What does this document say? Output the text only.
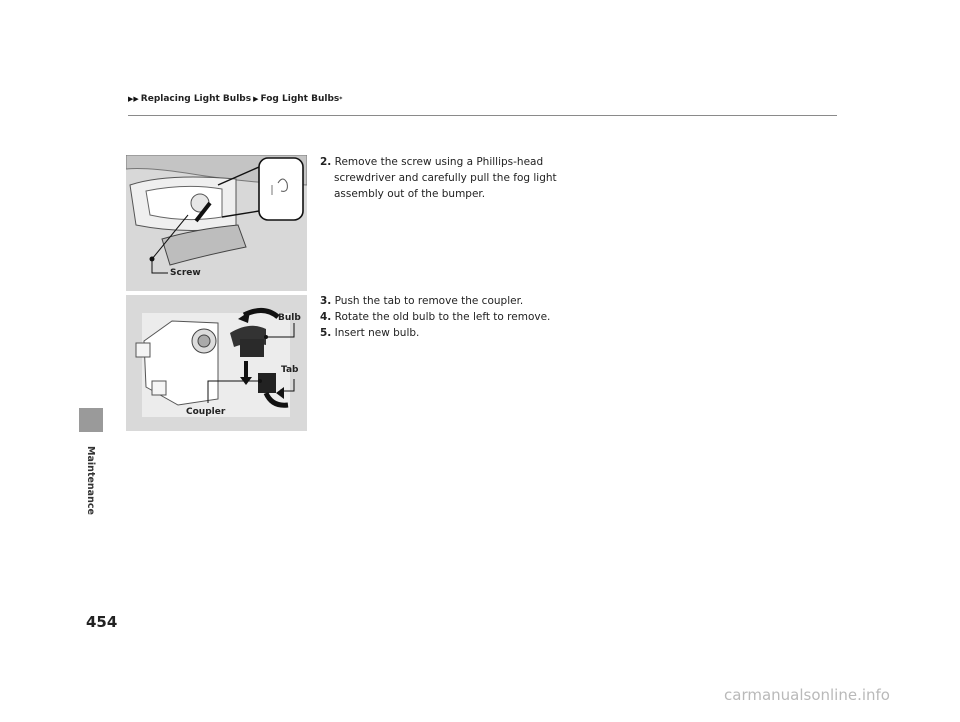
▶▶ Replacing Light Bulbs ▶ Fog Light Bulbs *
Maintenance
Screw
Bulb
Tab
Coupler
2. Remove the screw using a Phillips-head
screwdriver and carefully pull the fog light
assembly out of the bumper.
3. Push the tab to remove the coupler.
4. Rotate the old bulb to the left to remove.
5. Insert new bulb.
454
carmanualsonline.info
